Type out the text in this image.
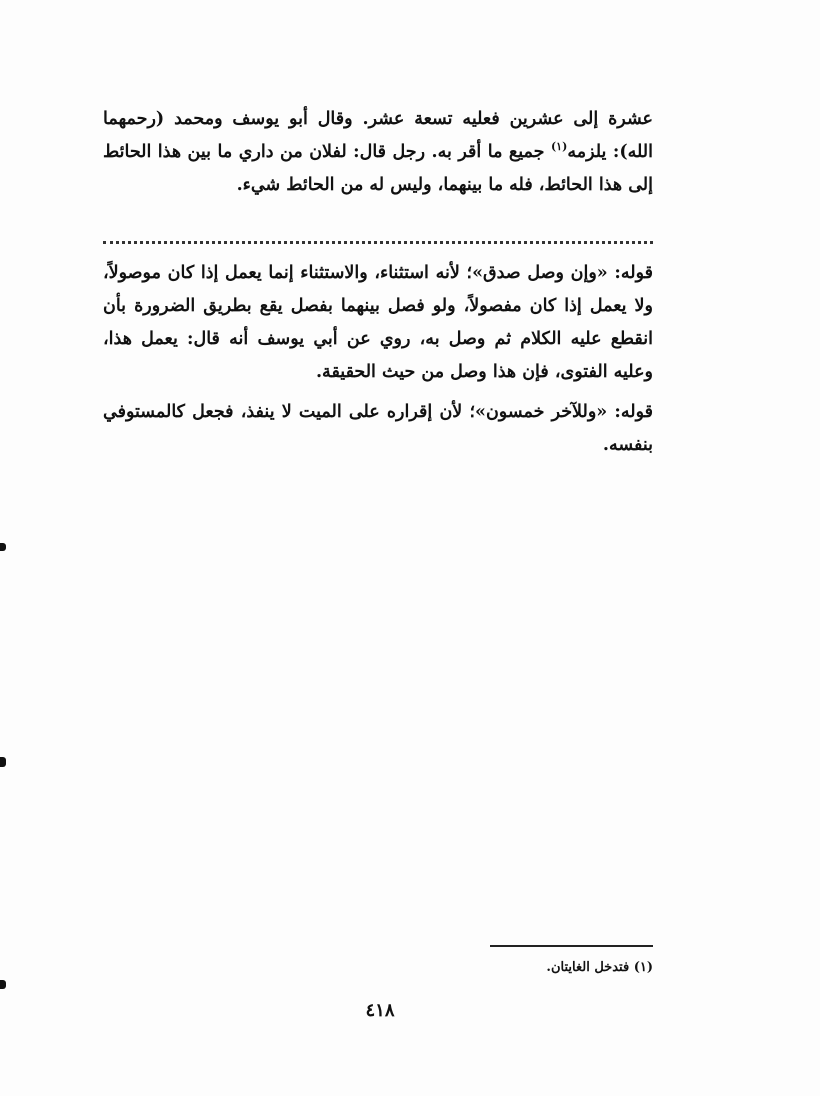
عشرة إلى عشرين فعليه تسعة عشر. وقال أبو يوسف ومحمد (رحمهما الله): يلزمه$^{(١)}$ جميع ما أقر به. رجل قال: لفلان من داري ما بين هذا الحائط إلى هذا الحائط، فله ما بينهما، وليس له من الحائط شيء.
قوله: «وإن وصل صدق»؛ لأنه استثناء، والاستثناء إنما يعمل إذا كان موصولاً، ولا يعمل إذا كان مفصولاً، ولو فصل بينهما بفصل يقع بطريق الضرورة بأن انقطع عليه الكلام ثم وصل به، روي عن أبي يوسف أنه قال: يعمل هذا، وعليه الفتوى، فإن هذا وصل من حيث الحقيقة.
قوله: «وللآخر خمسون»؛ لأن إقراره على الميت لا ينفذ، فجعل كالمستوفي بنفسه.
(١) فتدخل الغايتان.
٤١٨
